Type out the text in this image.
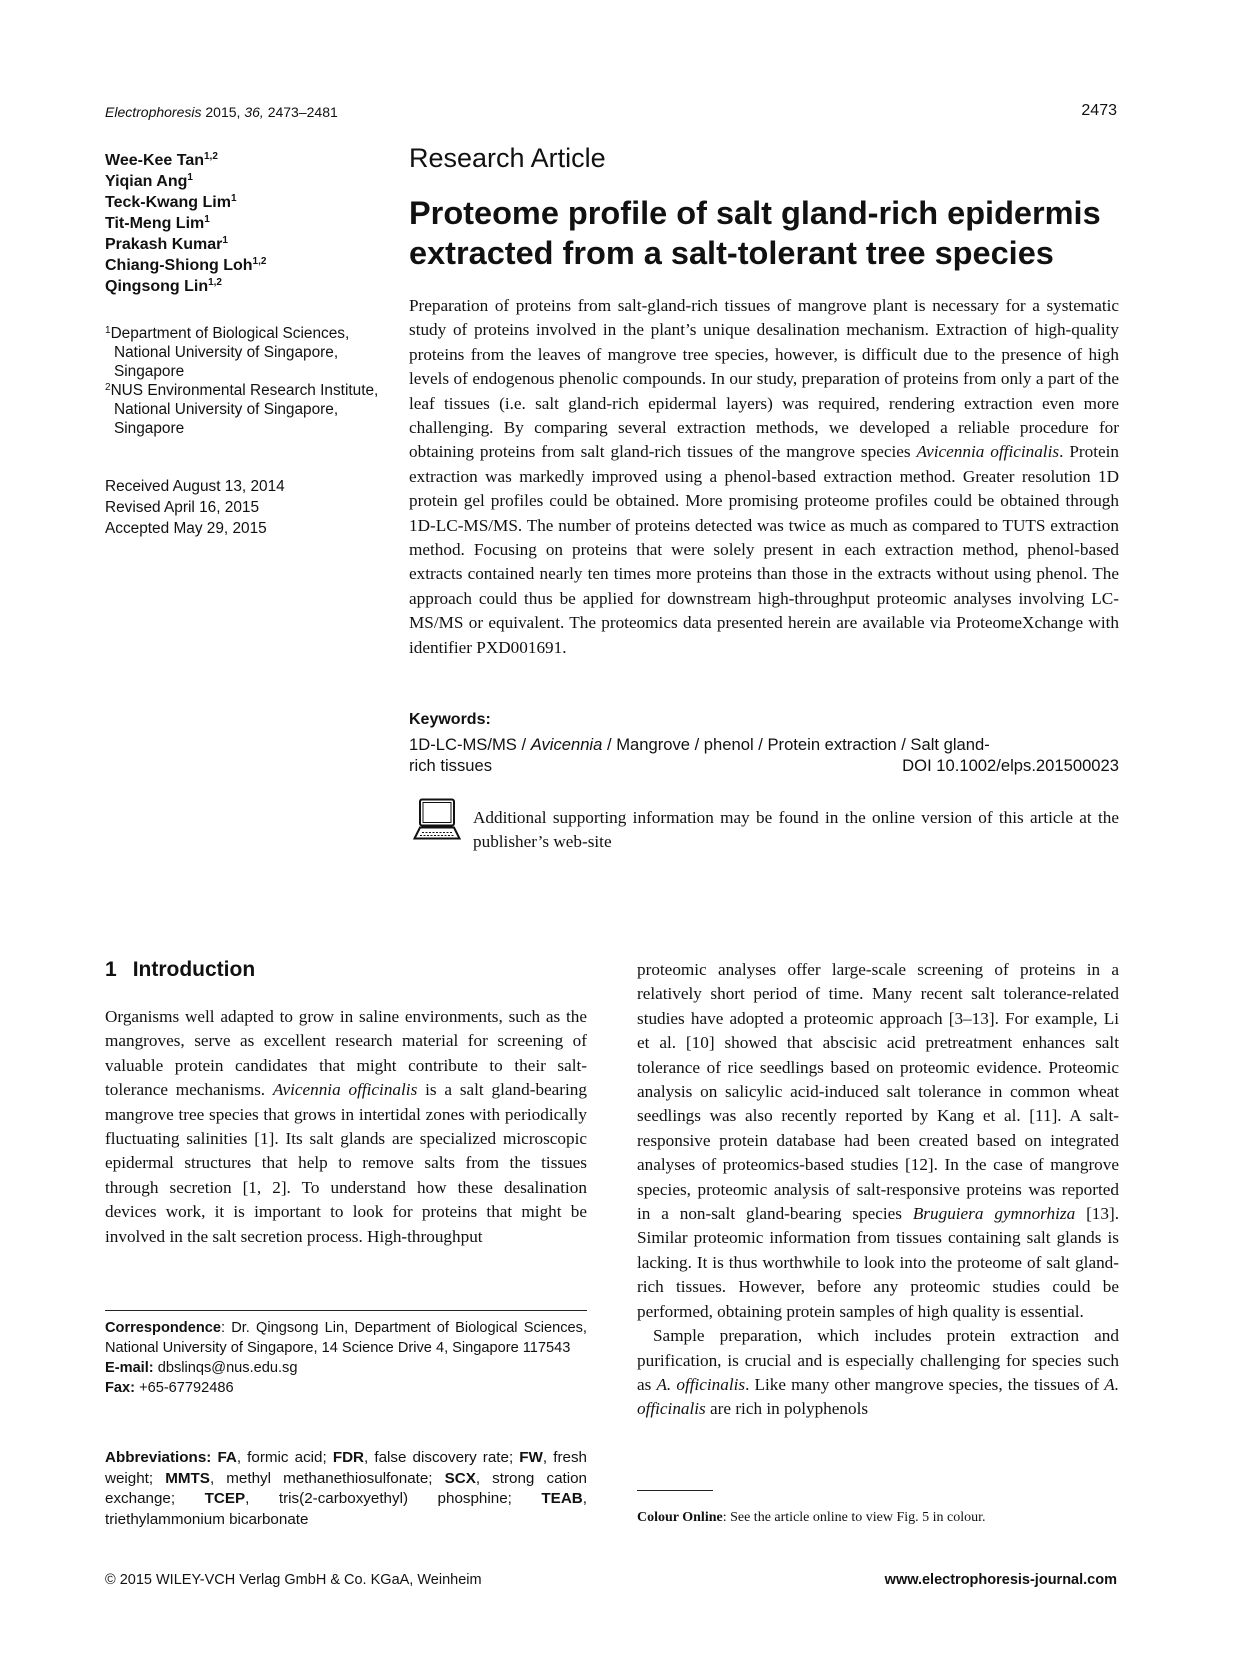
Electrophoresis 2015, 36, 2473–2481	2473
Wee-Kee Tan$^{1,2}$
Yiqian Ang$^1$
Teck-Kwang Lim$^1$
Tit-Meng Lim$^1$
Prakash Kumar$^1$
Chiang-Shiong Loh$^{1,2}$
Qingsong Lin$^{1,2}$
$^1$Department of Biological Sciences, National University of Singapore, Singapore
$^2$NUS Environmental Research Institute, National University of Singapore, Singapore
Received August 13, 2014
Revised April 16, 2015
Accepted May 29, 2015
Research Article
Proteome profile of salt gland-rich epidermis extracted from a salt-tolerant tree species

Preparation of proteins from salt-gland-rich tissues of mangrove plant is necessary for a systematic study of proteins involved in the plant’s unique desalination mechanism. Extraction of high-quality proteins from the leaves of mangrove tree species, however, is difficult due to the presence of high levels of endogenous phenolic compounds. In our study, preparation of proteins from only a part of the leaf tissues (i.e. salt gland-rich epidermal layers) was required, rendering extraction even more challenging. By comparing several extraction methods, we developed a reliable procedure for obtaining proteins from salt gland-rich tissues of the mangrove species Avicennia officinalis. Protein extraction was markedly improved using a phenol-based extraction method. Greater resolution 1D protein gel profiles could be obtained. More promising proteome profiles could be obtained through 1D-LC-MS/MS. The number of proteins detected was twice as much as compared to TUTS extraction method. Focusing on proteins that were solely present in each extraction method, phenol-based extracts contained nearly ten times more proteins than those in the extracts without using phenol. The approach could thus be applied for downstream high-throughput proteomic analyses involving LC-MS/MS or equivalent. The proteomics data presented herein are available via ProteomeXchange with identifier PXD001691.

Keywords:
1D-LC-MS/MS / Avicennia / Mangrove / phenol / Protein extraction / Salt gland-
rich tissues	DOI 10.1002/elps.201500023

Additional supporting information may be found in the online version of this article at the publisher’s web-site

1 Introduction

Organisms well adapted to grow in saline environments, such as the mangroves, serve as excellent research material for screening of valuable protein candidates that might contribute to their salt-tolerance mechanisms. Avicennia officinalis is a salt gland-bearing mangrove tree species that grows in intertidal zones with periodically fluctuating salinities [1]. Its salt glands are specialized microscopic epidermal structures that help to remove salts from the tissues through secretion [1, 2]. To understand how these desalination devices work, it is important to look for proteins that might be involved in the salt secretion process. High-throughput

proteomic analyses offer large-scale screening of proteins in a relatively short period of time. Many recent salt tolerance-related studies have adopted a proteomic approach [3–13]. For example, Li et al. [10] showed that abscisic acid pretreatment enhances salt tolerance of rice seedlings based on proteomic evidence. Proteomic analysis on salicylic acid-induced salt tolerance in common wheat seedlings was also recently reported by Kang et al. [11]. A salt-responsive protein database had been created based on integrated analyses of proteomics-based studies [12]. In the case of mangrove species, proteomic analysis of salt-responsive proteins was reported in a non-salt gland-bearing species Bruguiera gymnorhiza [13]. Similar proteomic information from tissues containing salt glands is lacking. It is thus worthwhile to look into the proteome of salt gland-rich tissues. However, before any proteomic studies could be performed, obtaining protein samples of high quality is essential.

Sample preparation, which includes protein extraction and purification, is crucial and is especially challenging for species such as A. officinalis. Like many other mangrove species, the tissues of A. officinalis are rich in polyphenols

Correspondence: Dr. Qingsong Lin, Department of Biological Sciences, National University of Singapore, 14 Science Drive 4, Singapore 117543
E-mail: dbslinqs@nus.edu.sg
Fax: +65-67792486
Abbreviations: FA, formic acid; FDR, false discovery rate; FW, fresh weight; MMTS, methyl methanethiosulfonate; SCX, strong cation exchange; TCEP, tris(2-carboxyethyl) phosphine; TEAB, triethylammonium bicarbonate	Colour Online: See the article online to view Fig. 5 in colour.
© 2015 WILEY-VCH Verlag GmbH & Co. KGaA, Weinheim	www.electrophoresis-journal.com
